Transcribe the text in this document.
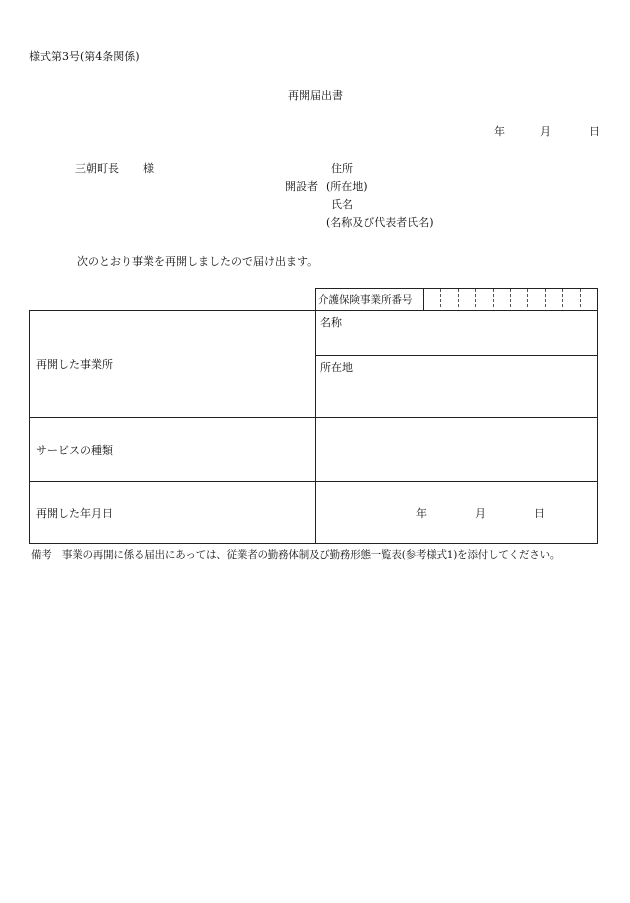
様式第3号(第4条関係)
再開届出書
年	月	日
三朝町長 様	住所
開設者 (所在地)
氏名
(名称及び代表者氏名)
次のとおり事業を再開しましたので届け出ます。
	介護保険事業所番号	

再開した事業所	名称	
	所在地	
サービスの種類		
再開した年月日	年 月 日	
備考　事業の再開に係る届出にあっては、従業者の勤務体制及び勤務形態一覧表(参考様式1)を添付してください。
